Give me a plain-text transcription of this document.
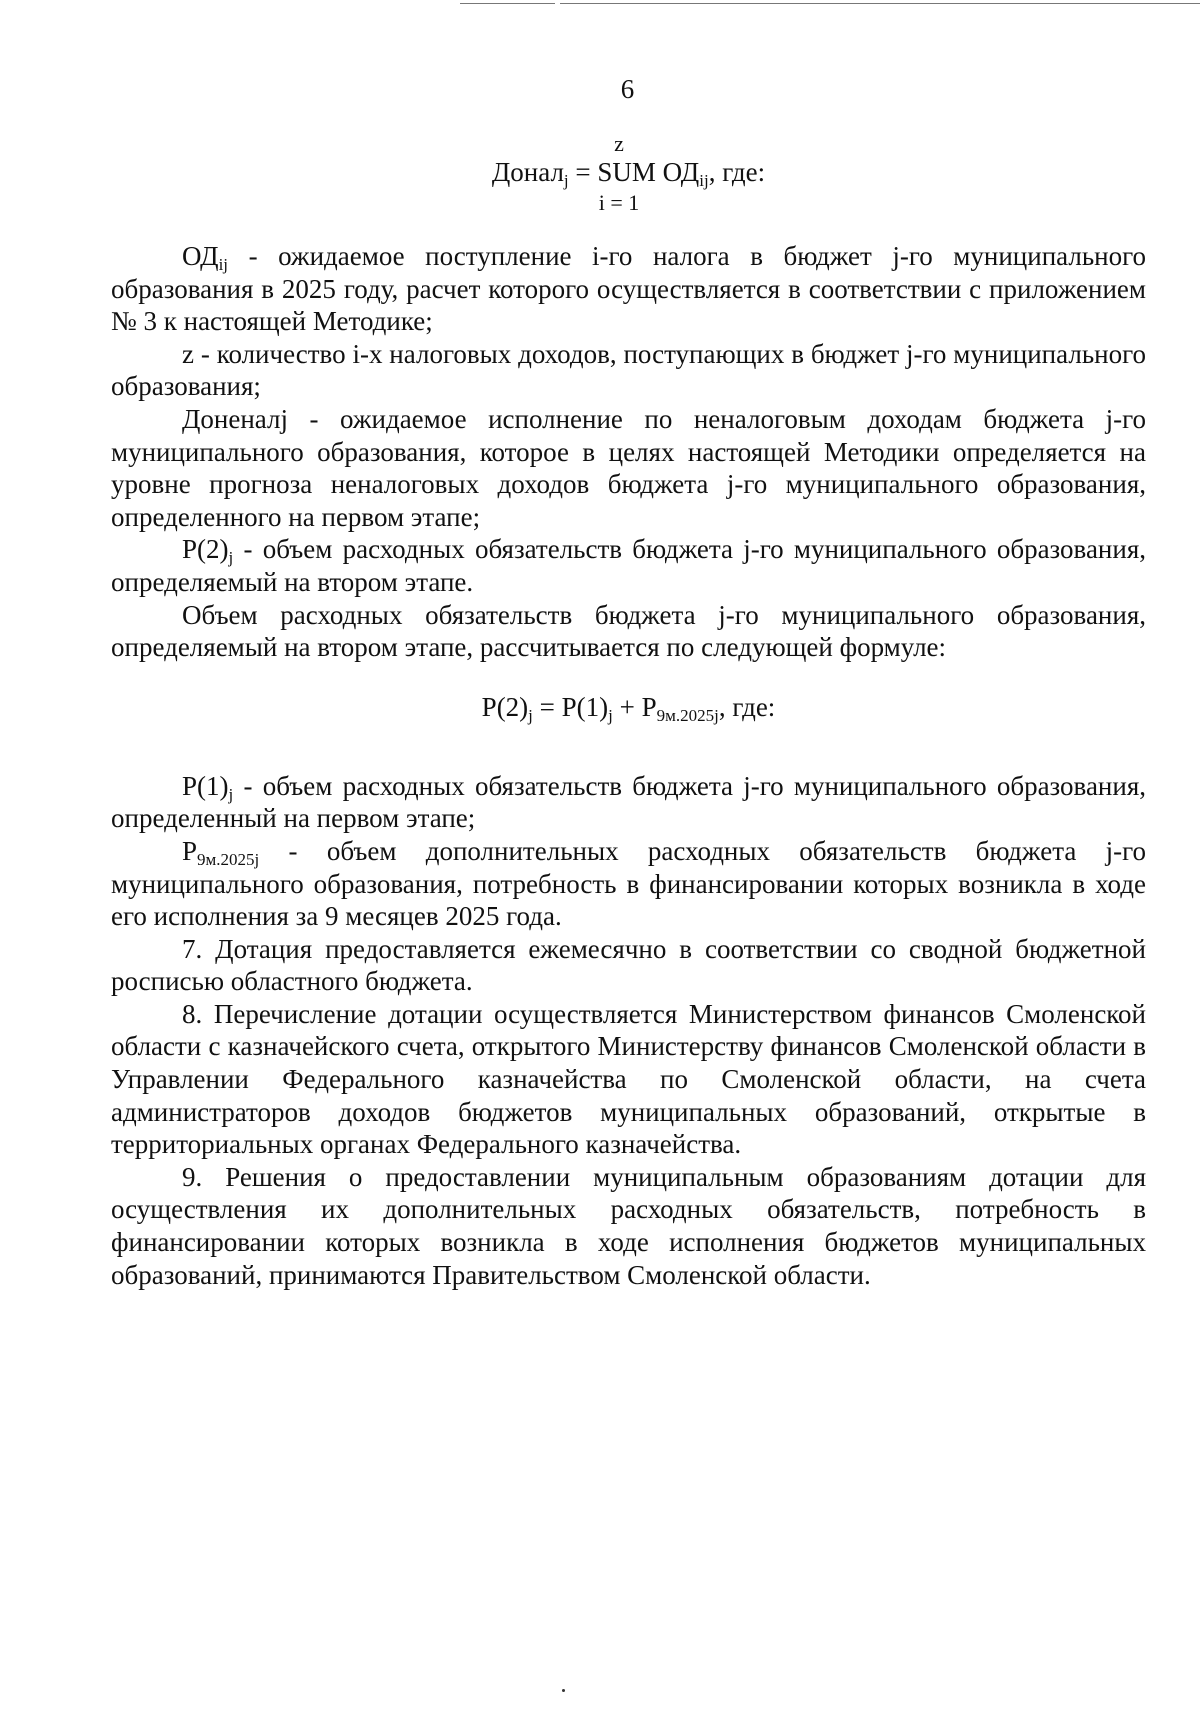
6
z
Донал$_j$ = SUM $ОД_{ij}$, где:
i = 1

$ОД_{ij}$ - ожидаемое поступление i-го налога в бюджет j-го муниципального образования в 2025 году, расчет которого осуществляется в соответствии с приложением № 3 к настоящей Методике;

z - количество i-х налоговых доходов, поступающих в бюджет j-го муниципального образования;

Доненалj - ожидаемое исполнение по неналоговым доходам бюджета j-го муниципального образования, которое в целях настоящей Методики определяется на уровне прогноза неналоговых доходов бюджета j-го муниципального образования, определенного на первом этапе;

$P(2)_j$ - объем расходных обязательств бюджета j-го муниципального образования, определяемый на втором этапе.

Объем расходных обязательств бюджета j-го муниципального образования, определяемый на втором этапе, рассчитывается по следующей формуле:

$P(1)_j$ - объем расходных обязательств бюджета j-го муниципального образования, определенный на первом этапе;

$P_{9м.2025j}$ - объем дополнительных расходных обязательств бюджета j-го муниципального образования, потребность в финансировании которых возникла в ходе его исполнения за 9 месяцев 2025 года.

7. Дотация предоставляется ежемесячно в соответствии со сводной бюджетной росписью областного бюджета.

8. Перечисление дотации осуществляется Министерством финансов Смоленской области с казначейского счета, открытого Министерству финансов Смоленской области в Управлении Федерального казначейства по Смоленской области, на счета администраторов доходов бюджетов муниципальных образований, открытые в территориальных органах Федерального казначейства.

9. Решения о предоставлении муниципальным образованиям дотации для осуществления их дополнительных расходных обязательств, потребность в финансировании которых возникла в ходе исполнения бюджетов муниципальных образований, принимаются Правительством Смоленской области.

$P(2)_j = P(1)_j + P_{9м.2025j}$, где:
